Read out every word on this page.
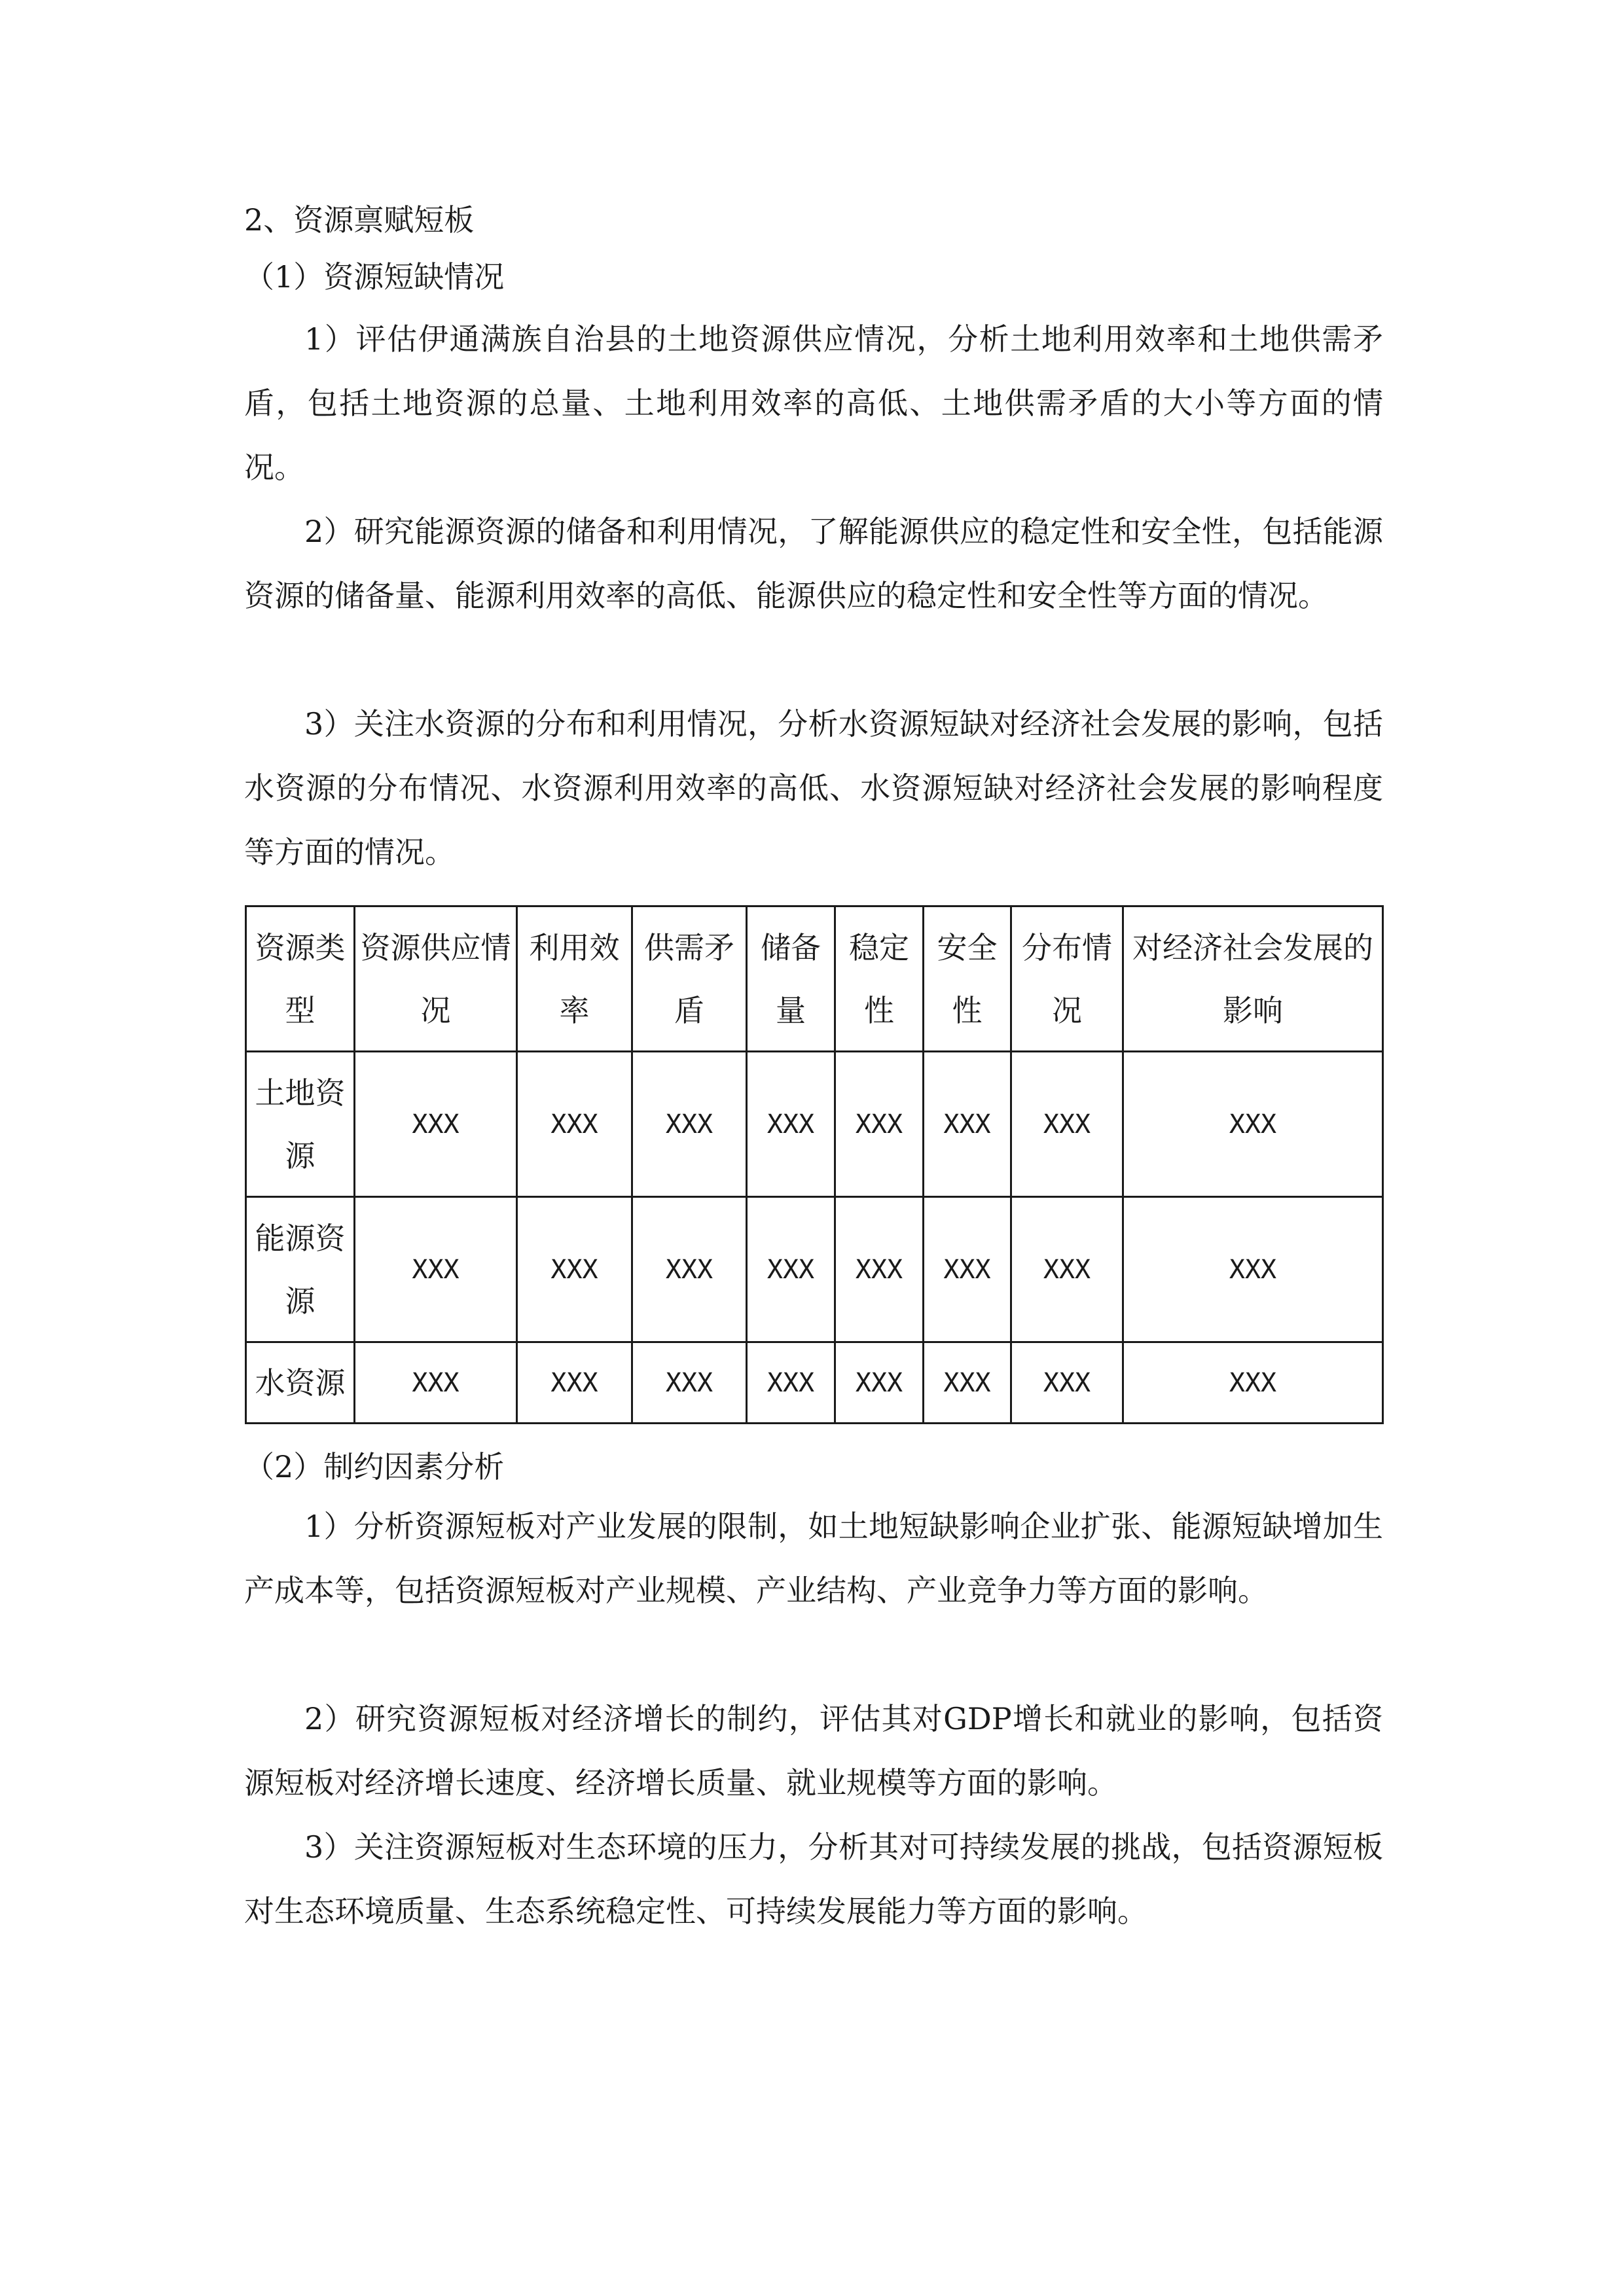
2、资源禀赋短板
（1）资源短缺情况
1）评估伊通满族自治县的土地资源供应情况，分析土地利用效率和土地供需矛盾，包括土地资源的总量、土地利用效率的高低、土地供需矛盾的大小等方面的情况。
2）研究能源资源的储备和利用情况，了解能源供应的稳定性和安全性，包括能源资源的储备量、能源利用效率的高低、能源供应的稳定性和安全性等方面的情况。
3）关注水资源的分布和利用情况，分析水资源短缺对经济社会发展的影响，包括水资源的分布情况、水资源利用效率的高低、水资源短缺对经济社会发展的影响程度等方面的情况。
资源类型	资源供应情况	利用效率	供需矛盾	储备量	稳定性	安全性	分布情况	对经济社会发展的影响
土地资源	XXX	XXX	XXX	XXX	XXX	XXX	XXX	XXX
能源资源	XXX	XXX	XXX	XXX	XXX	XXX	XXX	XXX
水资源	XXX	XXX	XXX	XXX	XXX	XXX	XXX	XXX
（2）制约因素分析
1）分析资源短板对产业发展的限制，如土地短缺影响企业扩张、能源短缺增加生产成本等，包括资源短板对产业规模、产业结构、产业竞争力等方面的影响。
2）研究资源短板对经济增长的制约，评估其对GDP增长和就业的影响，包括资源短板对经济增长速度、经济增长质量、就业规模等方面的影响。
3）关注资源短板对生态环境的压力，分析其对可持续发展的挑战，包括资源短板对生态环境质量、生态系统稳定性、可持续发展能力等方面的影响。
